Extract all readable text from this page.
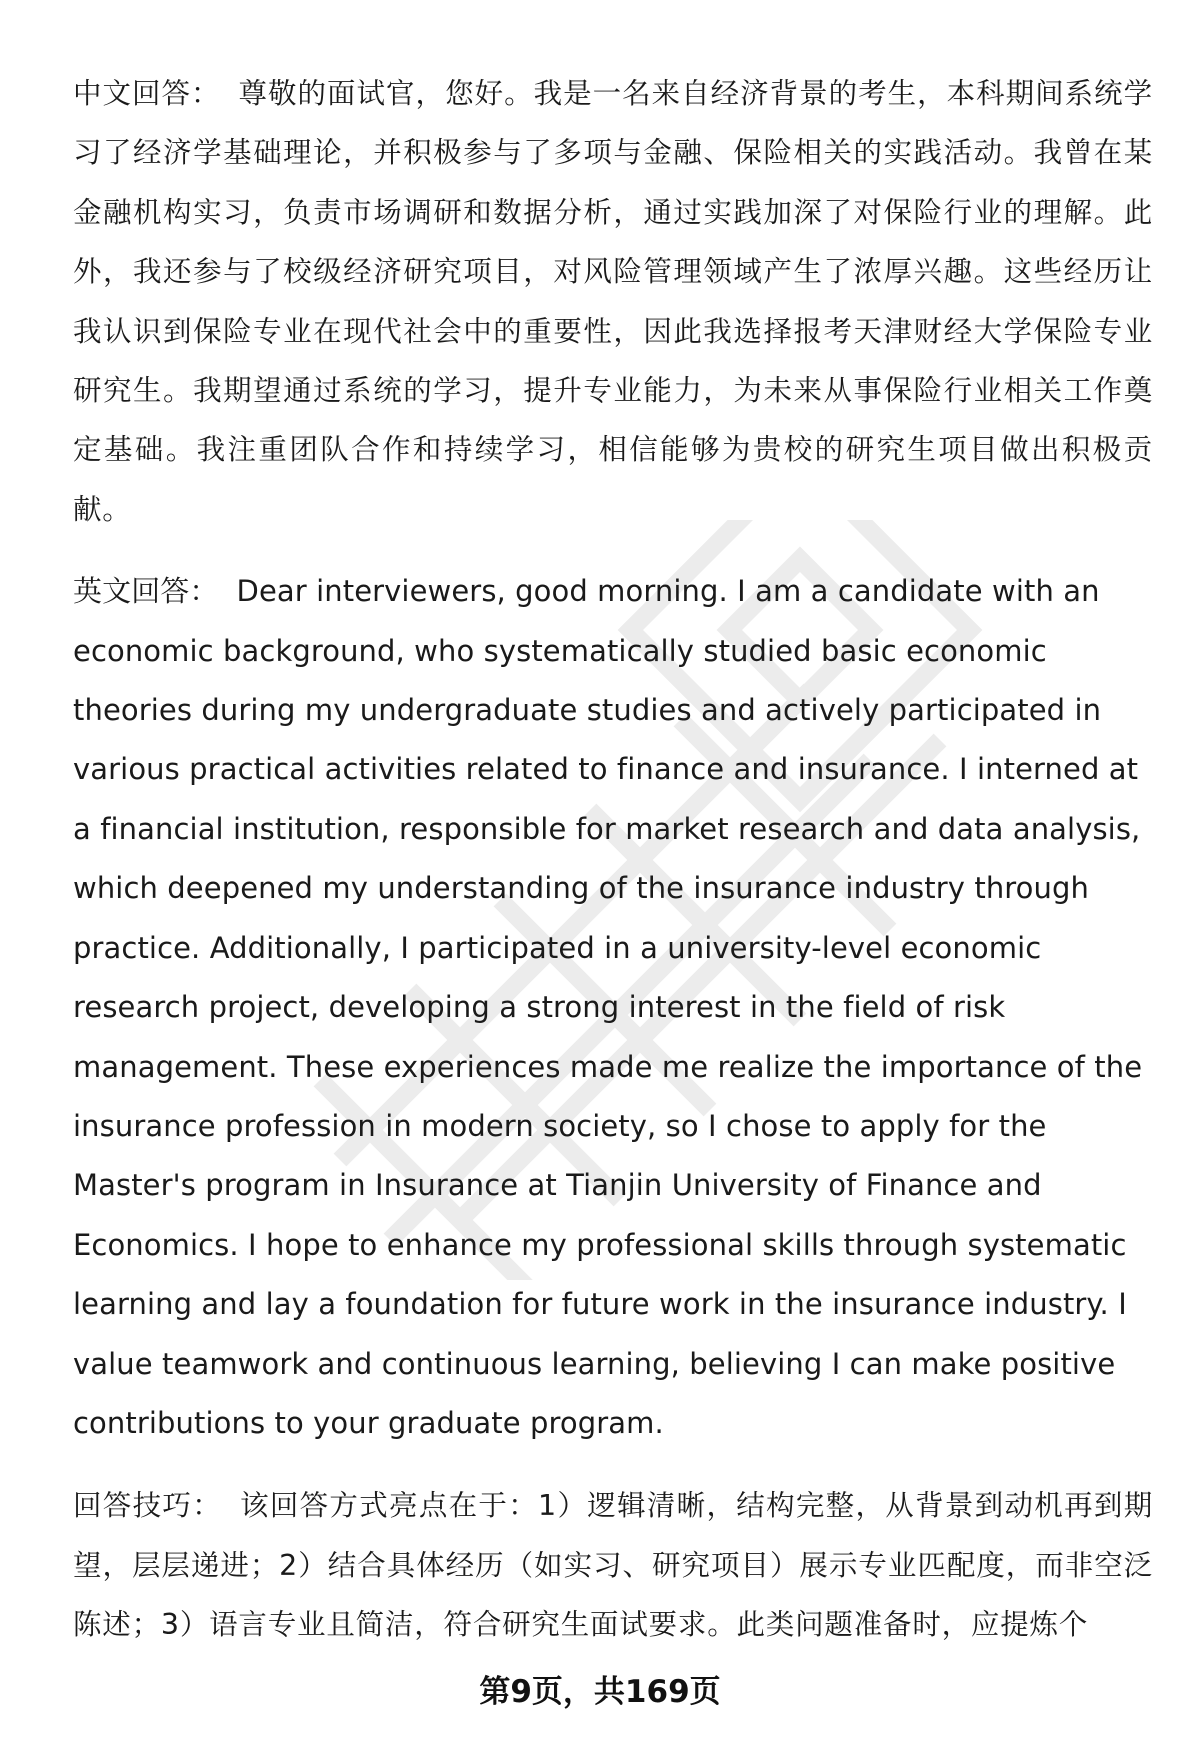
中文回答： 尊敬的面试官，您好。我是一名来自经济背景的考生，本科期间系统学习了经济学基础理论，并积极参与了多项与金融、保险相关的实践活动。我曾在某金融机构实习，负责市场调研和数据分析，通过实践加深了对保险行业的理解。此外，我还参与了校级经济研究项目，对风险管理领域产生了浓厚兴趣。这些经历让我认识到保险专业在现代社会中的重要性，因此我选择报考天津财经大学保险专业研究生。我期望通过系统的学习，提升专业能力，为未来从事保险行业相关工作奠定基础。我注重团队合作和持续学习，相信能够为贵校的研究生项目做出积极贡献。

英文回答： Dear interviewers, good morning. I am a candidate with an economic background, who systematically studied basic economic theories during my undergraduate studies and actively participated in various practical activities related to finance and insurance. I interned at a financial institution, responsible for market research and data analysis, which deepened my understanding of the insurance industry through practice. Additionally, I participated in a university-level economic research project, developing a strong interest in the field of risk management. These experiences made me realize the importance of the insurance profession in modern society, so I chose to apply for the Master's program in Insurance at Tianjin University of Finance and Economics. I hope to enhance my professional skills through systematic learning and lay a foundation for future work in the insurance industry. I value teamwork and continuous learning, believing I can make positive contributions to your graduate program.

回答技巧： 该回答方式亮点在于：1）逻辑清晰，结构完整，从背景到动机再到期望，层层递进；2）结合具体经历（如实习、研究项目）展示专业匹配度，而非空泛陈述；3）语言专业且简洁，符合研究生面试要求。此类问题准备时，应提炼个

第9页，共169页
